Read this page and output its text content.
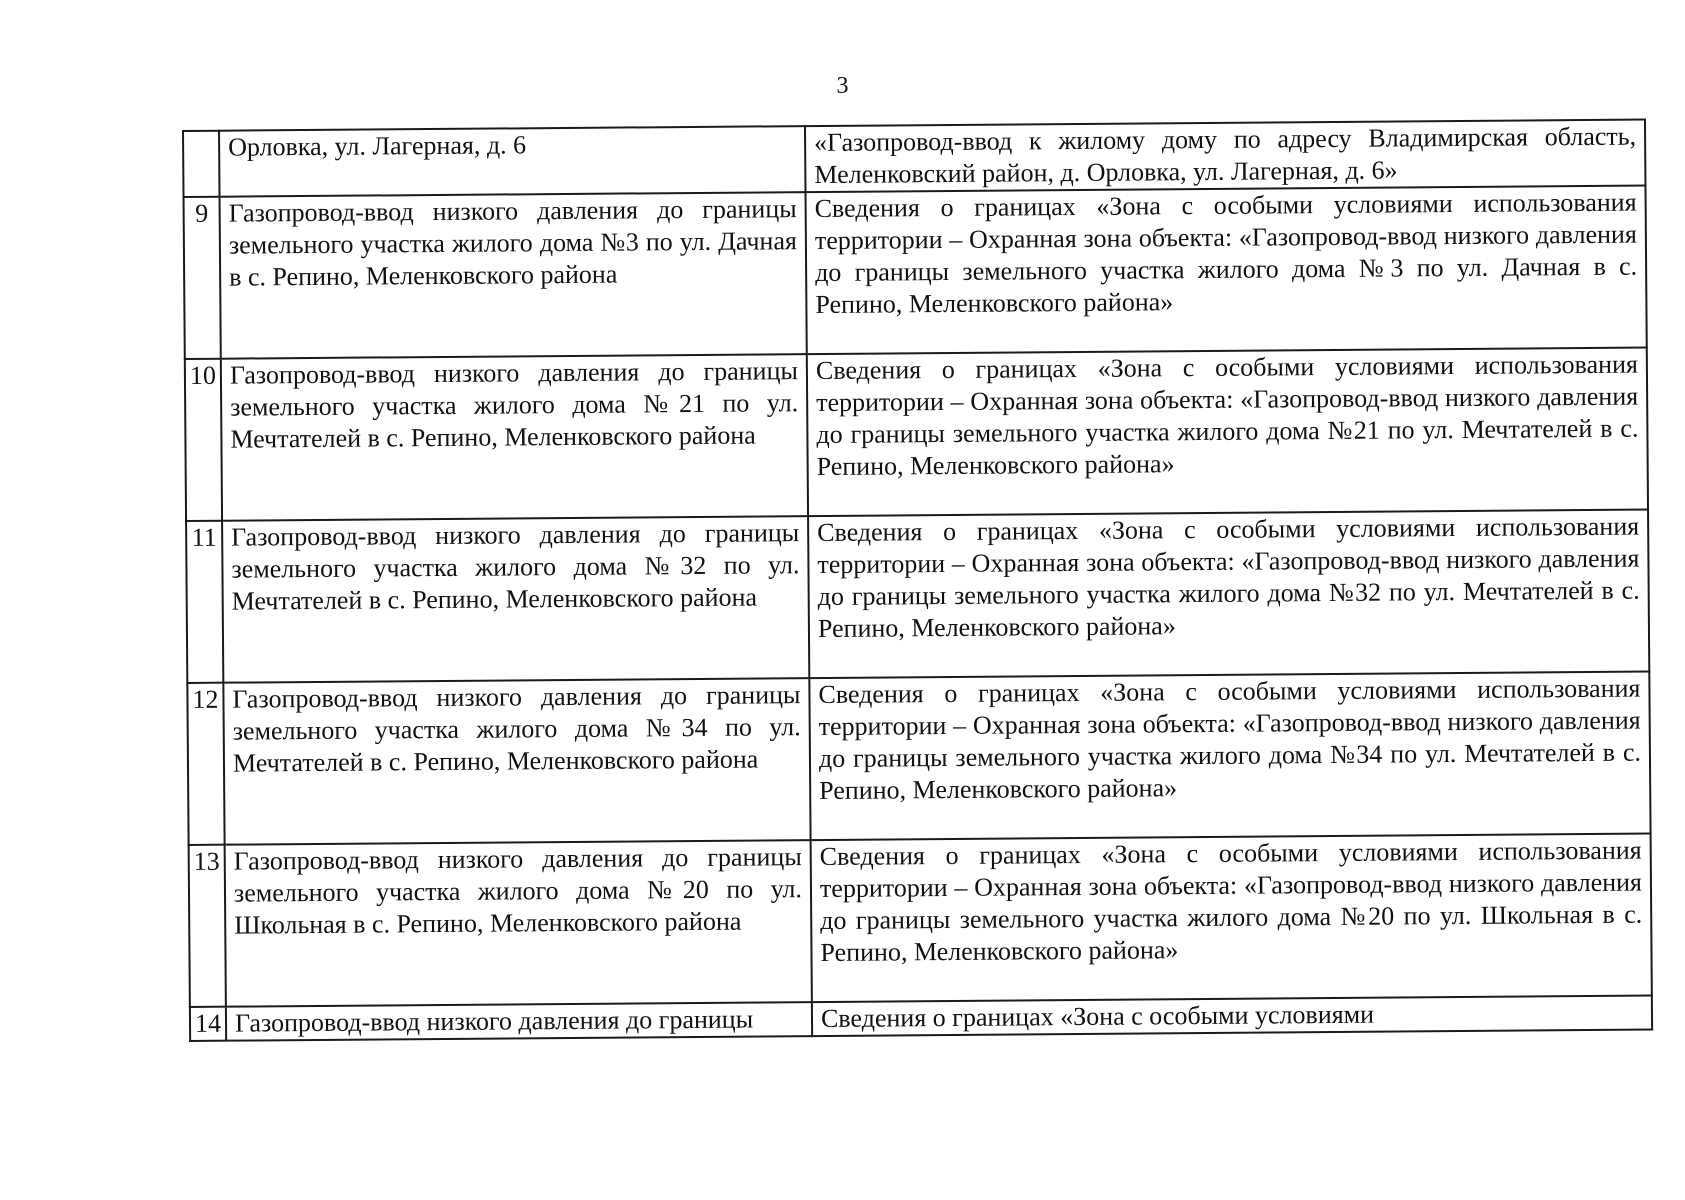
3
	Орловка, ул. Лагерная, д. 6	«Газопровод-ввод к жилому дому по адресу Владимирская область, Меленковский район, д. Орловка, ул. Лагерная, д. 6»
9	Газопровод-ввод низкого давления до границы земельного участка жилого дома №3 по ул. Дачная в с. Репино, Меленковского района	Сведения о границах «Зона с особыми условиями использования территории – Охранная зона объекта: «Газопровод-ввод низкого давления до границы земельного участка жилого дома №3 по ул. Дачная в с. Репино, Меленковского района»
10	Газопровод-ввод низкого давления до границы земельного участка жилого дома №21 по ул. Мечтателей в с. Репино, Меленковского района	Сведения о границах «Зона с особыми условиями использования территории – Охранная зона объекта: «Газопровод-ввод низкого давления до границы земельного участка жилого дома №21 по ул. Мечтателей в с. Репино, Меленковского района»
11	Газопровод-ввод низкого давления до границы земельного участка жилого дома №32 по ул. Мечтателей в с. Репино, Меленковского района	Сведения о границах «Зона с особыми условиями использования территории – Охранная зона объекта: «Газопровод-ввод низкого давления до границы земельного участка жилого дома №32 по ул. Мечтателей в с. Репино, Меленковского района»
12	Газопровод-ввод низкого давления до границы земельного участка жилого дома №34 по ул. Мечтателей в с. Репино, Меленковского района	Сведения о границах «Зона с особыми условиями использования территории – Охранная зона объекта: «Газопровод-ввод низкого давления до границы земельного участка жилого дома №34 по ул. Мечтателей в с. Репино, Меленковского района»
13	Газопровод-ввод низкого давления до границы земельного участка жилого дома №20 по ул. Школьная в с. Репино, Меленковского района	Сведения о границах «Зона с особыми условиями использования территории – Охранная зона объекта: «Газопровод-ввод низкого давления до границы земельного участка жилого дома №20 по ул. Школьная в с. Репино, Меленковского района»
14	Газопровод-ввод низкого давления до границы	Сведения о границах «Зона с особыми условиями
